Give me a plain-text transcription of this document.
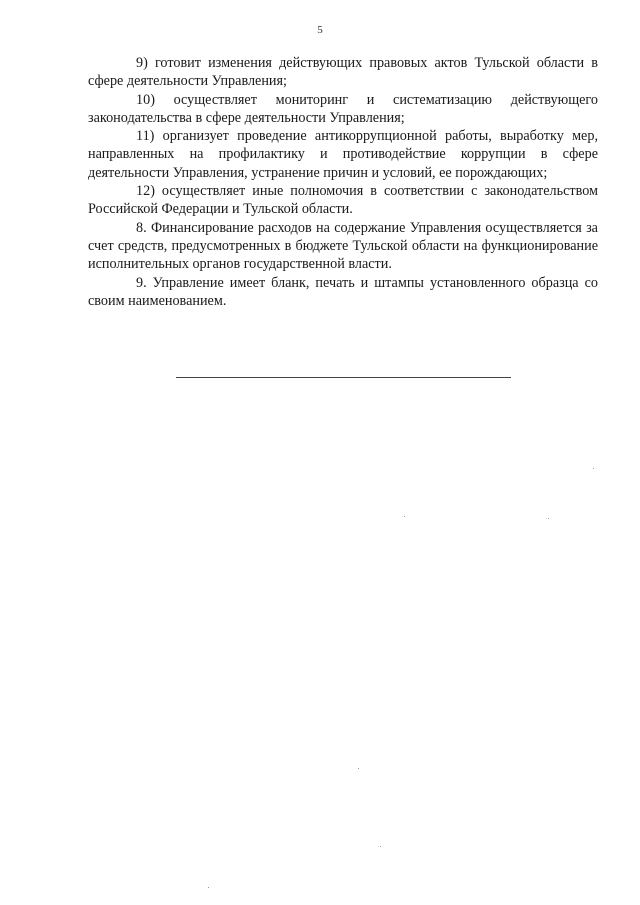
5

9) готовит изменения действующих правовых актов Тульской области в сфере деятельности Управления;

10) осуществляет мониторинг и систематизацию действующего законодательства в сфере деятельности Управления;

11) организует проведение антикоррупционной работы, выработку мер, направленных на профилактику и противодействие коррупции в сфере деятельности Управления, устранение причин и условий, ее порождающих;

12) осуществляет иные полномочия в соответствии с законодательством Российской Федерации и Тульской области.

8. Финансирование расходов на содержание Управления осуществляется за счет средств, предусмотренных в бюджете Тульской области на функционирование исполнительных органов государственной власти.

9. Управление имеет бланк, печать и штампы установленного образца со своим наименованием.
